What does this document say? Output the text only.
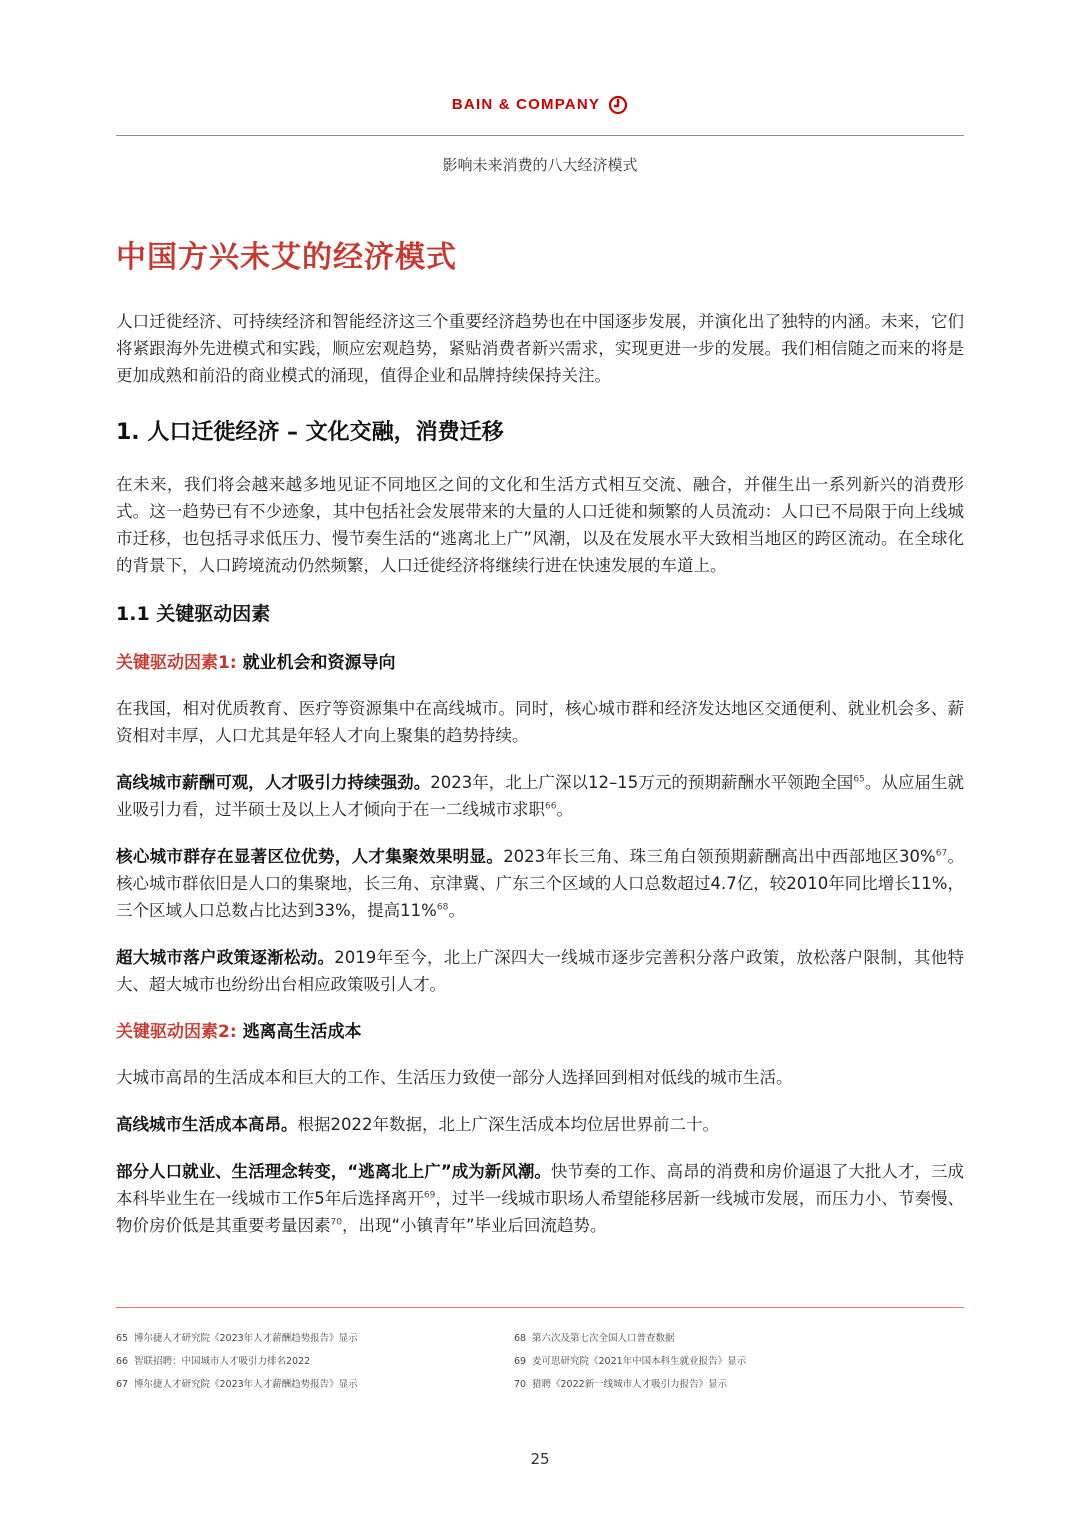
BAIN & COMPANY
影响未来消费的八大经济模式
中国方兴未艾的经济模式

人口迁徙经济、可持续经济和智能经济这三个重要经济趋势也在中国逐步发展，并演化出了独特的内涵。未来，它们将紧跟海外先进模式和实践，顺应宏观趋势，紧贴消费者新兴需求，实现更进一步的发展。我们相信随之而来的将是更加成熟和前沿的商业模式的涌现，值得企业和品牌持续保持关注。

1. 人口迁徙经济 – 文化交融，消费迁移

在未来，我们将会越来越多地见证不同地区之间的文化和生活方式相互交流、融合，并催生出一系列新兴的消费形式。这一趋势已有不少迹象，其中包括社会发展带来的大量的人口迁徙和频繁的人员流动：人口已不局限于向上线城市迁移，也包括寻求低压力、慢节奏生活的“逃离北上广”风潮，以及在发展水平大致相当地区的跨区流动。在全球化的背景下，人口跨境流动仍然频繁，人口迁徙经济将继续行进在快速发展的车道上。

1.1 关键驱动因素
关键驱动因素1: 就业机会和资源导向

在我国，相对优质教育、医疗等资源集中在高线城市。同时，核心城市群和经济发达地区交通便利、就业机会多、薪资相对丰厚，人口尤其是年轻人才向上聚集的趋势持续。

高线城市薪酬可观，人才吸引力持续强劲。2023年，北上广深以12–15万元的预期薪酬水平领跑全国$^{65}$。从应届生就业吸引力看，过半硕士及以上人才倾向于在一二线城市求职$^{66}$。

核心城市群存在显著区位优势，人才集聚效果明显。2023年长三角、珠三角白领预期薪酬高出中西部地区30%$^{67}$。核心城市群依旧是人口的集聚地，长三角、京津冀、广东三个区域的人口总数超过4.7亿，较2010年同比增长11%，三个区域人口总数占比达到33%，提高11%$^{68}$。

超大城市落户政策逐渐松动。2019年至今，北上广深四大一线城市逐步完善积分落户政策，放松落户限制，其他特大、超大城市也纷纷出台相应政策吸引人才。

关键驱动因素2: 逃离高生活成本

大城市高昂的生活成本和巨大的工作、生活压力致使一部分人选择回到相对低线的城市生活。

高线城市生活成本高昂。根据2022年数据，北上广深生活成本均位居世界前二十。

部分人口就业、生活理念转变，“逃离北上广”成为新风潮。快节奏的工作、高昂的消费和房价逼退了大批人才，三成本科毕业生在一线城市工作5年后选择离开$^{69}$，过半一线城市职场人希望能移居新一线城市发展，而压力小、节奏慢、物价房价低是其重要考量因素$^{70}$，出现“小镇青年”毕业后回流趋势。

65 博尔捷人才研究院《2023年人才薪酬趋势报告》显示	68 第六次及第七次全国人口普查数据
66 智联招聘：中国城市人才吸引力排名2022	69 麦可思研究院《2021年中国本科生就业报告》显示
67 博尔捷人才研究院《2023年人才薪酬趋势报告》显示	70 猎聘《2022新一线城市人才吸引力报告》显示
25
